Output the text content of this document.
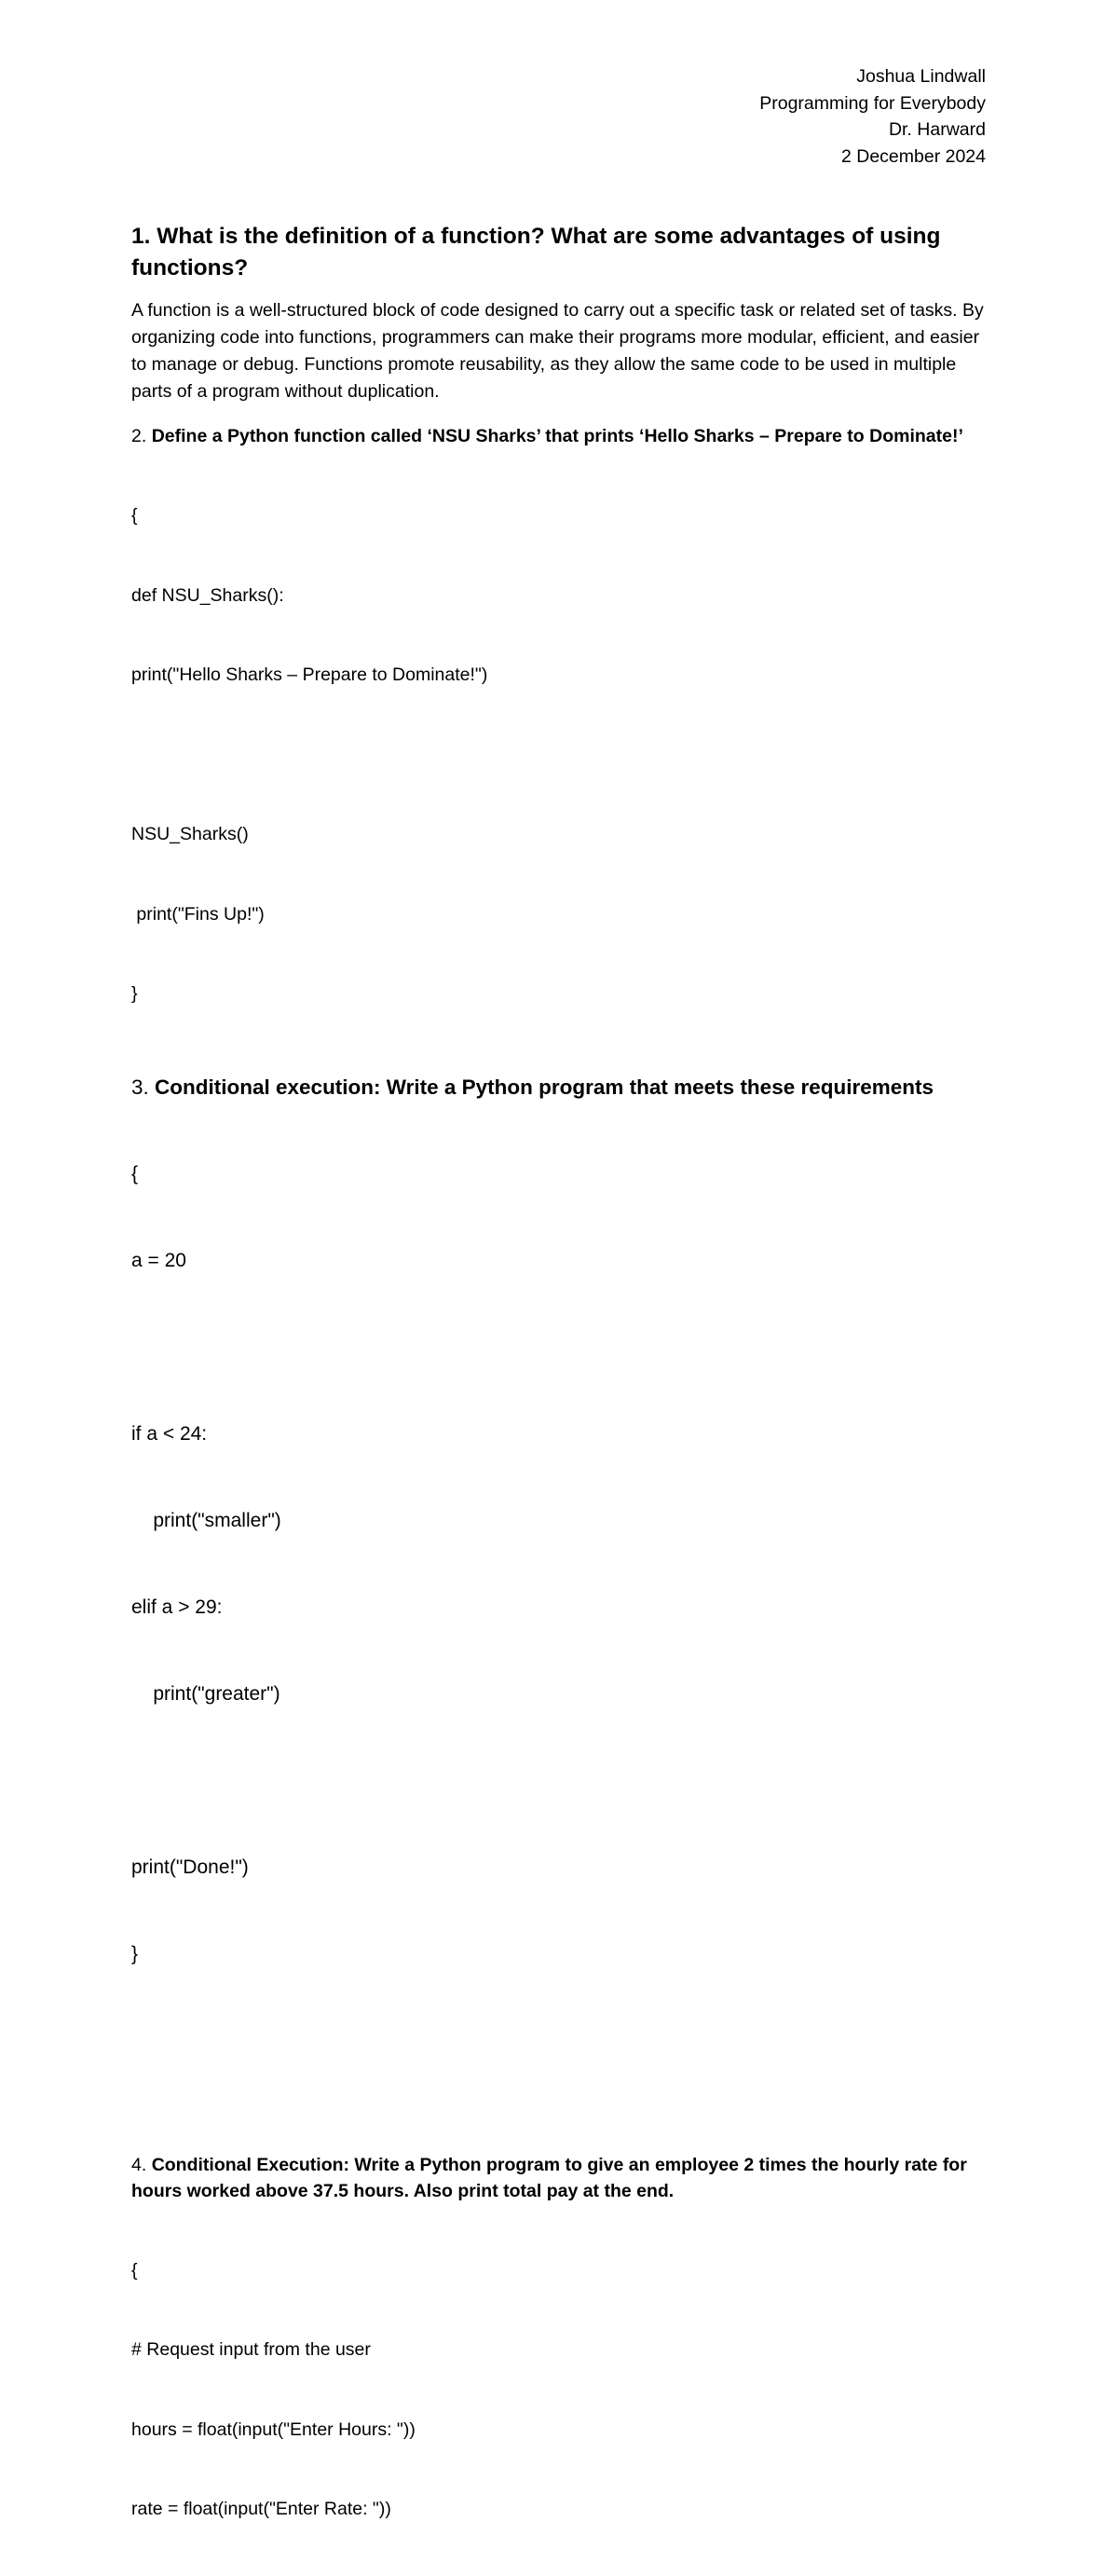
Joshua Lindwall
Programming for Everybody
Dr. Harward
2 December 2024

1. What is the definition of a function? What are some advantages of using functions?

A function is a well-structured block of code designed to carry out a specific task or related set of tasks. By organizing code into functions, programmers can make their programs more modular, efficient, and easier to manage or debug. Functions promote reusability, as they allow the same code to be used in multiple parts of a program without duplication.

2. Define a Python function called ‘NSU Sharks’ that prints ‘Hello Sharks – Prepare to Dominate!’

{

def NSU_Sharks():

print("Hello Sharks – Prepare to Dominate!")

NSU_Sharks()

print("Fins Up!")

}

3. Conditional execution: Write a Python program that meets these requirements

{

a = 20

if a < 24:

print("smaller")

elif a > 29:

print("greater")

print("Done!")

}

4. Conditional Execution: Write a Python program to give an employee 2 times the hourly rate for hours worked above 37.5 hours. Also print total pay at the end.

{

# Request input from the user

hours = float(input("Enter Hours: "))

rate = float(input("Enter Rate: "))
